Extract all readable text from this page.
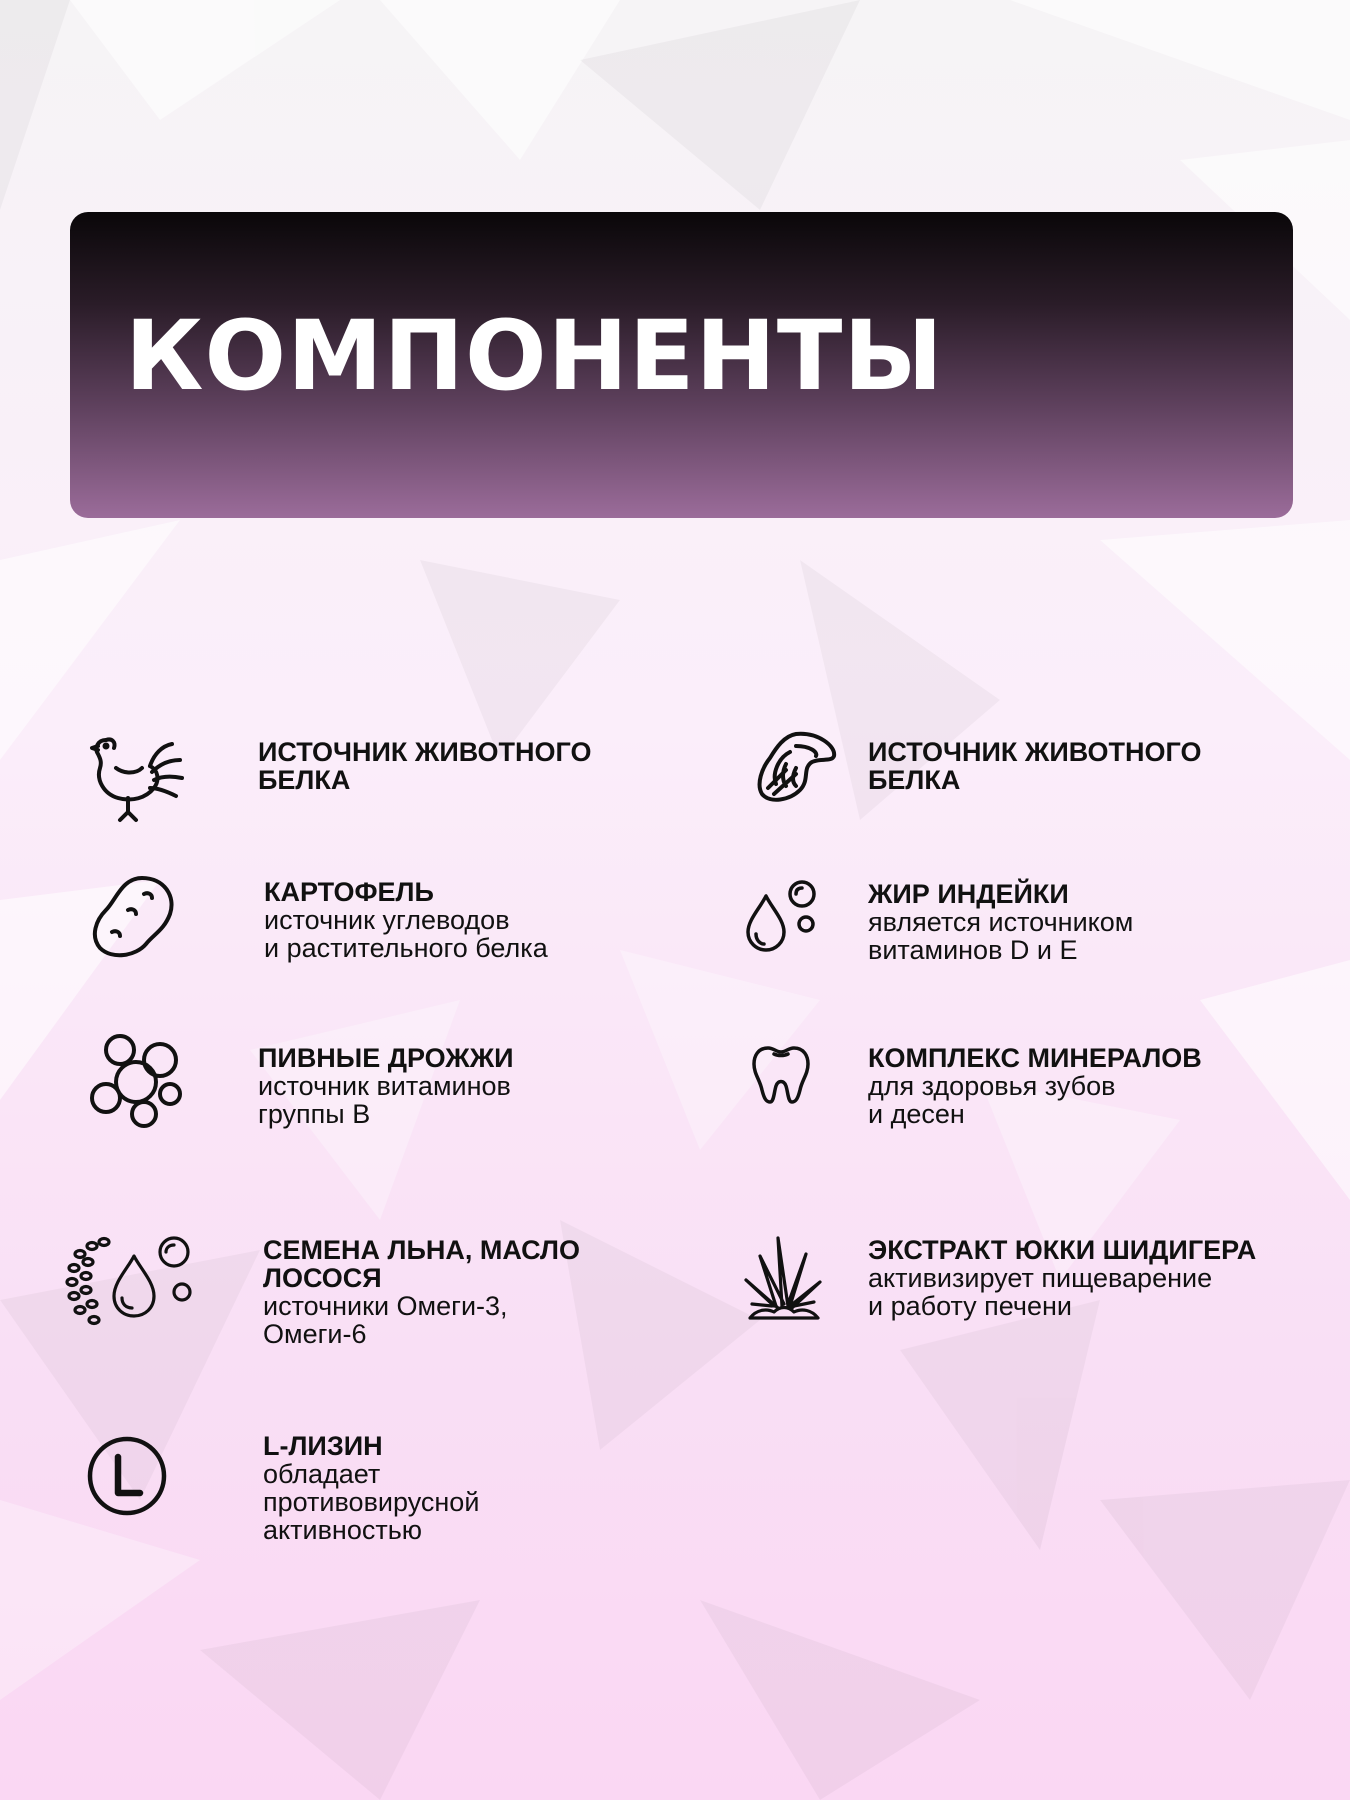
КОМПОНЕНТЫ
ИСТОЧНИК ЖИВОТНОГО
БЕЛКА
ИСТОЧНИК ЖИВОТНОГО
БЕЛКА
КАРТОФЕЛЬ
источник углеводов
и растительного белка
ЖИР ИНДЕЙКИ
является источником
витаминов D и E
ПИВНЫЕ ДРОЖЖИ
источник витаминов
группы B
КОМПЛЕКС МИНЕРАЛОВ
для здоровья зубов
и десен
СЕМЕНА ЛЬНА, МАСЛО
ЛОСОСЯ
источники Омеги-3,
Омеги-6
ЭКСТРАКТ ЮККИ ШИДИГЕРА
активизирует пищеварение
и работу печени
L-ЛИЗИН
обладает
противовирусной
активностью
